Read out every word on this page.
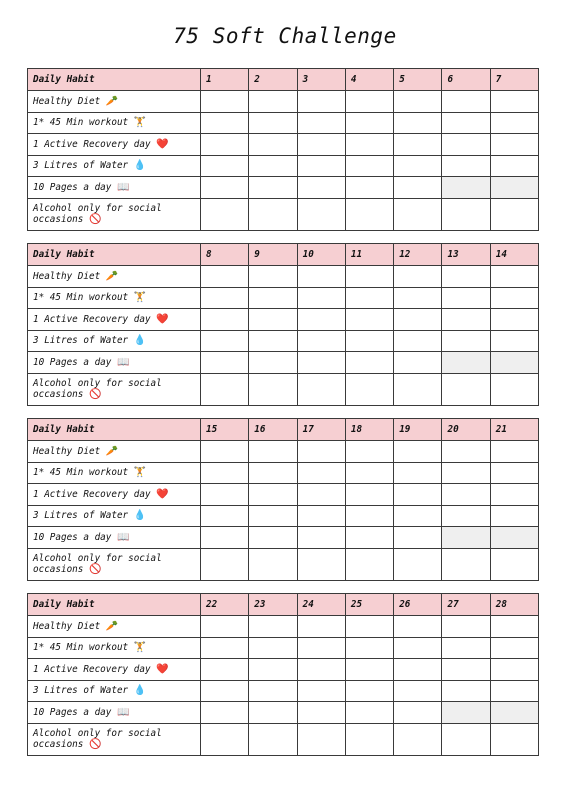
75 Soft Challenge
Daily Habit	1	2	3	4	5	6	7
Healthy Diet 🥕							
1* 45 Min workout 🏋							
1 Active Recovery day ❤️							
3 Litres of Water 💧							
10 Pages a day 📖							
Alcohol only for social occasions 🚫							
Daily Habit	8	9	10	11	12	13	14
Healthy Diet 🥕							
1* 45 Min workout 🏋							
1 Active Recovery day ❤️							
3 Litres of Water 💧							
10 Pages a day 📖							
Alcohol only for social occasions 🚫							
Daily Habit	15	16	17	18	19	20	21
Healthy Diet 🥕							
1* 45 Min workout 🏋							
1 Active Recovery day ❤️							
3 Litres of Water 💧							
10 Pages a day 📖							
Alcohol only for social occasions 🚫							
Daily Habit	22	23	24	25	26	27	28
Healthy Diet 🥕							
1* 45 Min workout 🏋							
1 Active Recovery day ❤️							
3 Litres of Water 💧							
10 Pages a day 📖							
Alcohol only for social occasions 🚫							
